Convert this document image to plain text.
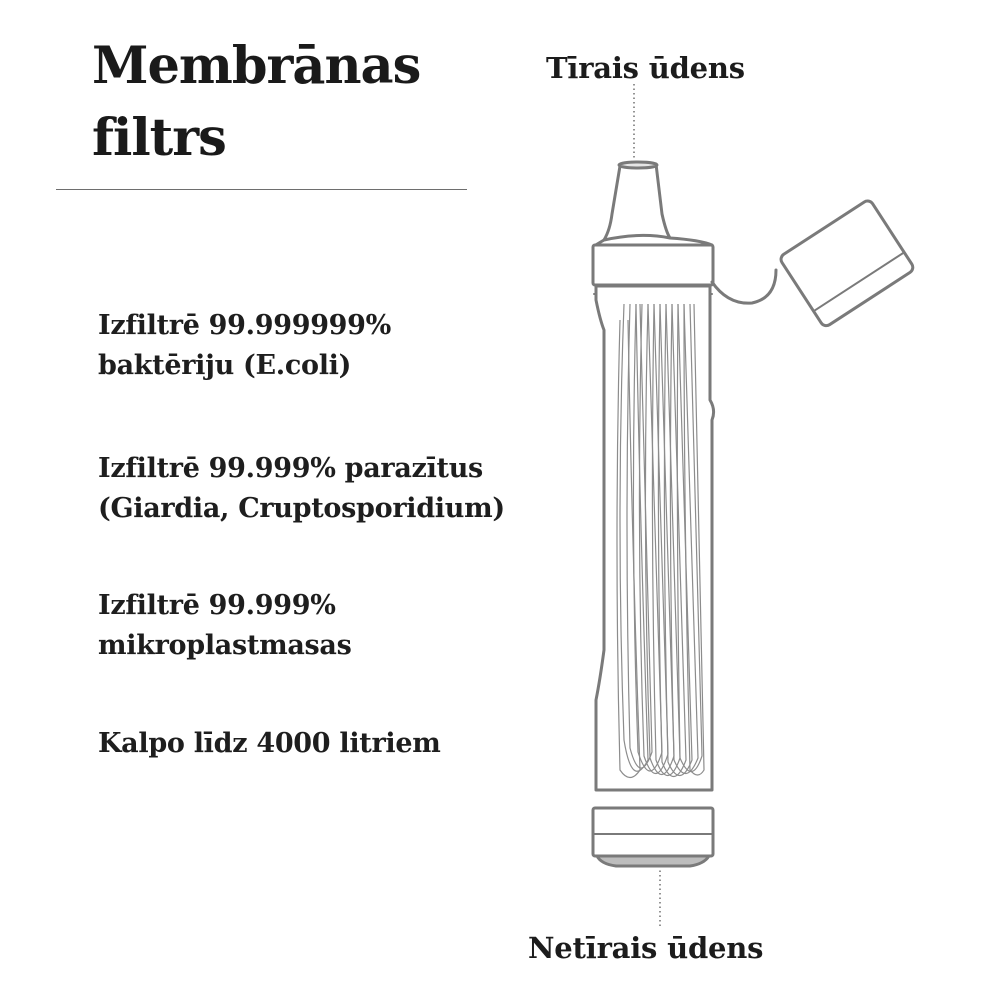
Membrānas
filtrs
Izfiltrē 99.999999%
baktēriju (E.coli)
Izfiltrē 99.999% parazītus
(Giardia, Cruptosporidium)
Izfiltrē 99.999%
mikroplastmasas
Kalpo līdz 4000 litriem
Tīrais ūdens
Netīrais ūdens
